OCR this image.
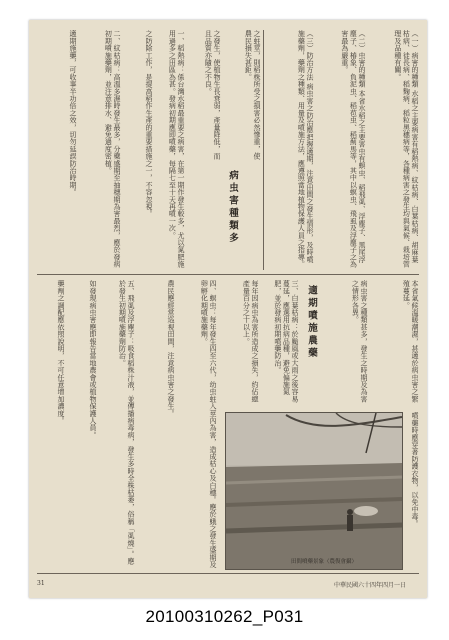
（一）病害的種類 水稻之主要病害有稻熱病、紋枯病、白葉枯病、胡麻葉枯病、徒長病、稻麴病、稻粒黑穗病等，各種病害之發生均與氣候、栽培管理及品種有關。
（二）虫害的種類 本省水稻之主要害虫有螟虫、稻飛虱、浮塵子、黑尾浮塵子、椿象、負泥虫、稻苞虫、稻薊馬等，其中以螟虫、飛虱及浮塵子之為害最為嚴重。
（三）防治方法 病虫害之防治應把握適期，注意田間之發生情形，及時噴施藥劑，藥劑之種類、用量及噴施方法，應遵照當地植物保護人員之指導。
之蛀莖，則稻株所受之損害必然慘重，使農民損失甚鉅。
之發生，使植物生長衰弱，產量降低，而且品質亦隨之不良。
病虫害種類多
一、稻熱病：係台灣水稻最重要之病害，在第一期作發生較多，尤以氮肥施用過多之田區為甚。發病初期應即噴藥，每隔七至十天再噴一次。
之防除工作，是提高稻作生產的重要措施之一，不容忽視。
二、紋枯病：高溫多濕時發生最多，分蘗盛期至抽穗期為害最烈，應於發病初期噴施藥劑，並注意排水、避免過度密植。
適期施藥，可收事半功倍之效，切勿延誤防治時期。
本省氣候溫暖潮濕，甚適於病虫害之繁殖蔓延。
病虫害之種類甚多，發生之時期及為害之情形各異。
適期噴施農藥
三、白葉枯病：於颱風或大雨之後容易蔓延，應選用抗病品種，避免偏施氮肥，並於發病初期噴藥防治。
每年因病虫為害所造成之損失，約佔總產量百分之十以上。
四、螟虫：每年發生四至六代，幼虫蛀入莖內為害，造成枯心及白穗。應於蛾之發生盛期及卵孵化期噴施藥劑。
農民應經常巡視田間，注意病虫害之發生。
五、飛虱及浮塵子：吸食稻株汁液，並傳播病毒病，發生多時全株枯萎，俗稱「虱燒」。應於發生初期噴施藥劑防治。
如發現病虫害應即報告當地農會或植物保護人員。
藥劑之調配應依照說明，不可任意增加濃度。
田間噴藥景象（農復會攝）
噴藥時應穿著防護衣物，以免中毒。
31	中華民國六十四年四月一日
20100310262_P031
